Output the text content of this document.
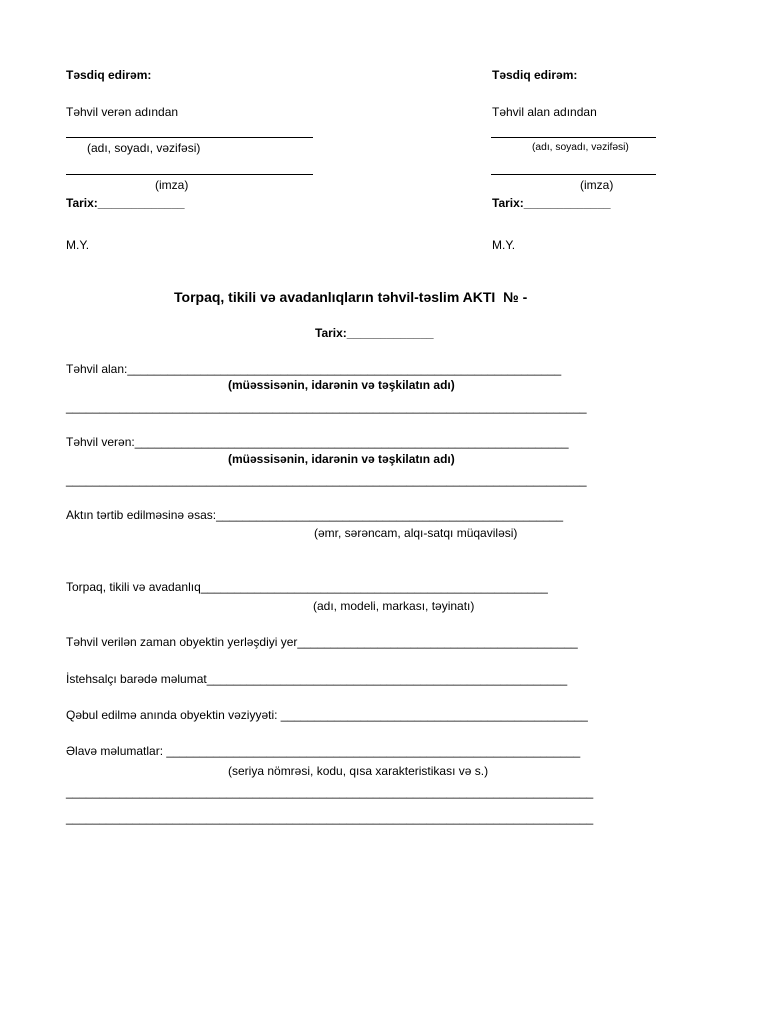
Təsdiq edirəm:
Təhvil verən adından
(adı, soyadı, vəzifəsi)
(imza)
Tarix:_____________
M.Y.
Təsdiq edirəm:
Təhvil alan adından
(adı, soyadı, vəzifəsi)
(imza)
Tarix:_____________
M.Y.
Torpaq, tikili və avadanlıqların təhvil-təslim AKTI  № -
Tarix:_____________
Təhvil alan:_________________________________________________________________
(müəssisənin, idarənin və təşkilatın adı)
______________________________________________________________________________
Təhvil verən:_________________________________________________________________
(müəssisənin, idarənin və təşkilatın adı)
______________________________________________________________________________
Aktın tərtib edilməsinə əsas:____________________________________________________
(əmr, sərəncam, alqı-satqı müqaviləsi)
Torpaq, tikili və avadanlıq____________________________________________________
(adı, modeli, markası, təyinatı)
Təhvil verilən zaman obyektin yerləşdiyi yer__________________________________________
İstehsalçı barədə məlumat______________________________________________________
Qəbul edilmə anında obyektin vəziyyəti: ______________________________________________
Əlavə məlumatlar: ______________________________________________________________
(seriya nömrəsi, kodu, qısa xarakteristikası və s.)
_______________________________________________________________________________
_______________________________________________________________________________
